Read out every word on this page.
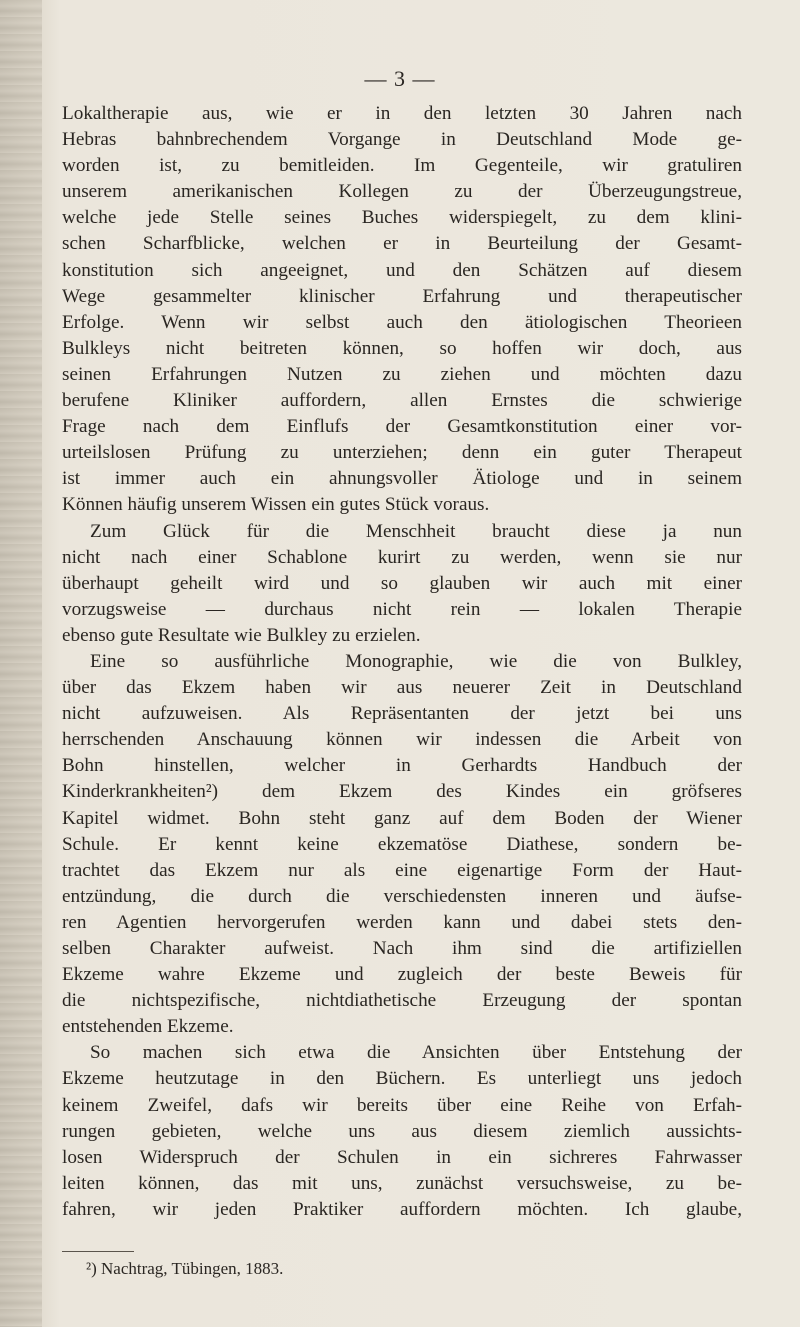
— 3 —
Lokaltherapie aus, wie er in den letzten 30 Jahren nach
Hebras bahnbrechendem Vorgange in Deutschland Mode ge-
worden ist, zu bemitleiden. Im Gegenteile, wir gratuliren
unserem amerikanischen Kollegen zu der Überzeugungstreue,
welche jede Stelle seines Buches widerspiegelt, zu dem klini-
schen Scharfblicke, welchen er in Beurteilung der Gesamt-
konstitution sich angeeignet, und den Schätzen auf diesem
Wege gesammelter klinischer Erfahrung und therapeutischer
Erfolge. Wenn wir selbst auch den ätiologischen Theorieen
Bulkleys nicht beitreten können, so hoffen wir doch, aus
seinen Erfahrungen Nutzen zu ziehen und möchten dazu
berufene Kliniker auffordern, allen Ernstes die schwierige
Frage nach dem Einflufs der Gesamtkonstitution einer vor-
urteilslosen Prüfung zu unterziehen; denn ein guter Therapeut
ist immer auch ein ahnungsvoller Ätiologe und in seinem
Können häufig unserem Wissen ein gutes Stück voraus.
Zum Glück für die Menschheit braucht diese ja nun
nicht nach einer Schablone kurirt zu werden, wenn sie nur
überhaupt geheilt wird und so glauben wir auch mit einer
vorzugsweise — durchaus nicht rein — lokalen Therapie
ebenso gute Resultate wie Bulkley zu erzielen.
Eine so ausführliche Monographie, wie die von Bulkley,
über das Ekzem haben wir aus neuerer Zeit in Deutschland
nicht aufzuweisen. Als Repräsentanten der jetzt bei uns
herrschenden Anschauung können wir indessen die Arbeit von
Bohn hinstellen, welcher in Gerhardts Handbuch der
Kinderkrankheiten²) dem Ekzem des Kindes ein gröfseres
Kapitel widmet. Bohn steht ganz auf dem Boden der Wiener
Schule. Er kennt keine ekzematöse Diathese, sondern be-
trachtet das Ekzem nur als eine eigenartige Form der Haut-
entzündung, die durch die verschiedensten inneren und äufse-
ren Agentien hervorgerufen werden kann und dabei stets den-
selben Charakter aufweist. Nach ihm sind die artifiziellen
Ekzeme wahre Ekzeme und zugleich der beste Beweis für
die nichtspezifische, nichtdiathetische Erzeugung der spontan
entstehenden Ekzeme.
So machen sich etwa die Ansichten über Entstehung der
Ekzeme heutzutage in den Büchern. Es unterliegt uns jedoch
keinem Zweifel, dafs wir bereits über eine Reihe von Erfah-
rungen gebieten, welche uns aus diesem ziemlich aussichts-
losen Widerspruch der Schulen in ein sichreres Fahrwasser
leiten können, das mit uns, zunächst versuchsweise, zu be-
fahren, wir jeden Praktiker auffordern möchten. Ich glaube,
²) Nachtrag, Tübingen, 1883.
